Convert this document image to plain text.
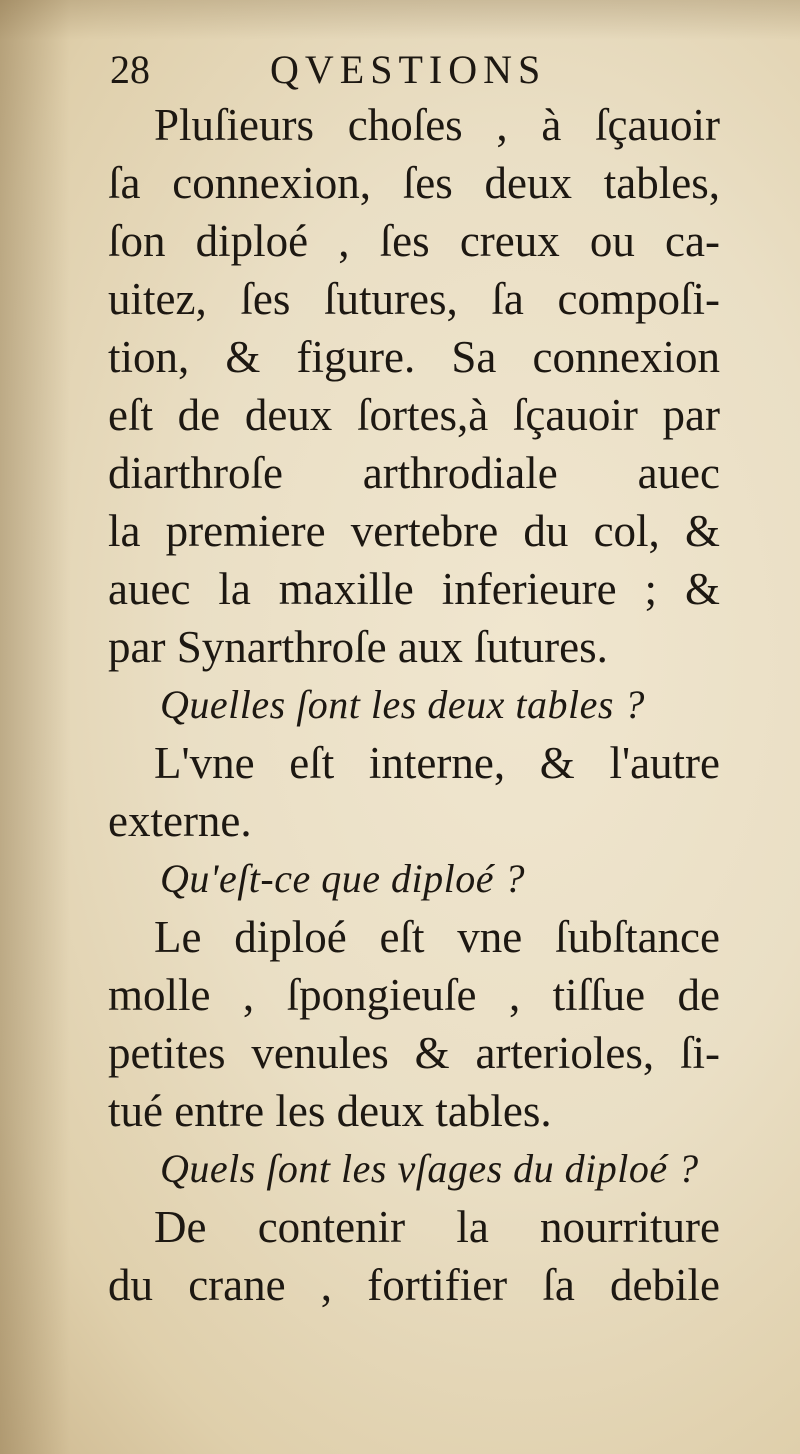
28	QVESTIONS
Pluſieurs choſes , à ſçauoir
ſa connexion, ſes deux tables,
ſon diploé , ſes creux ou ca-
uitez, ſes ſutures, ſa compoſi-
tion, & figure. Sa connexion
eſt de deux ſortes,à ſçauoir par
diarthroſe arthrodiale auec
la premiere vertebre du col, &
auec la maxille inferieure ; &
par Synarthroſe aux ſutures.
Quelles ſont les deux tables ?
L'vne eſt interne, & l'autre
externe.
Qu'eſt-ce que diploé ?
Le diploé eſt vne ſubſtance
molle , ſpongieuſe , tiſſue de
petites venules & arterioles, ſi-
tué entre les deux tables.
Quels ſont les vſages du diploé ?
De contenir la nourriture
du crane , fortifier ſa debile
